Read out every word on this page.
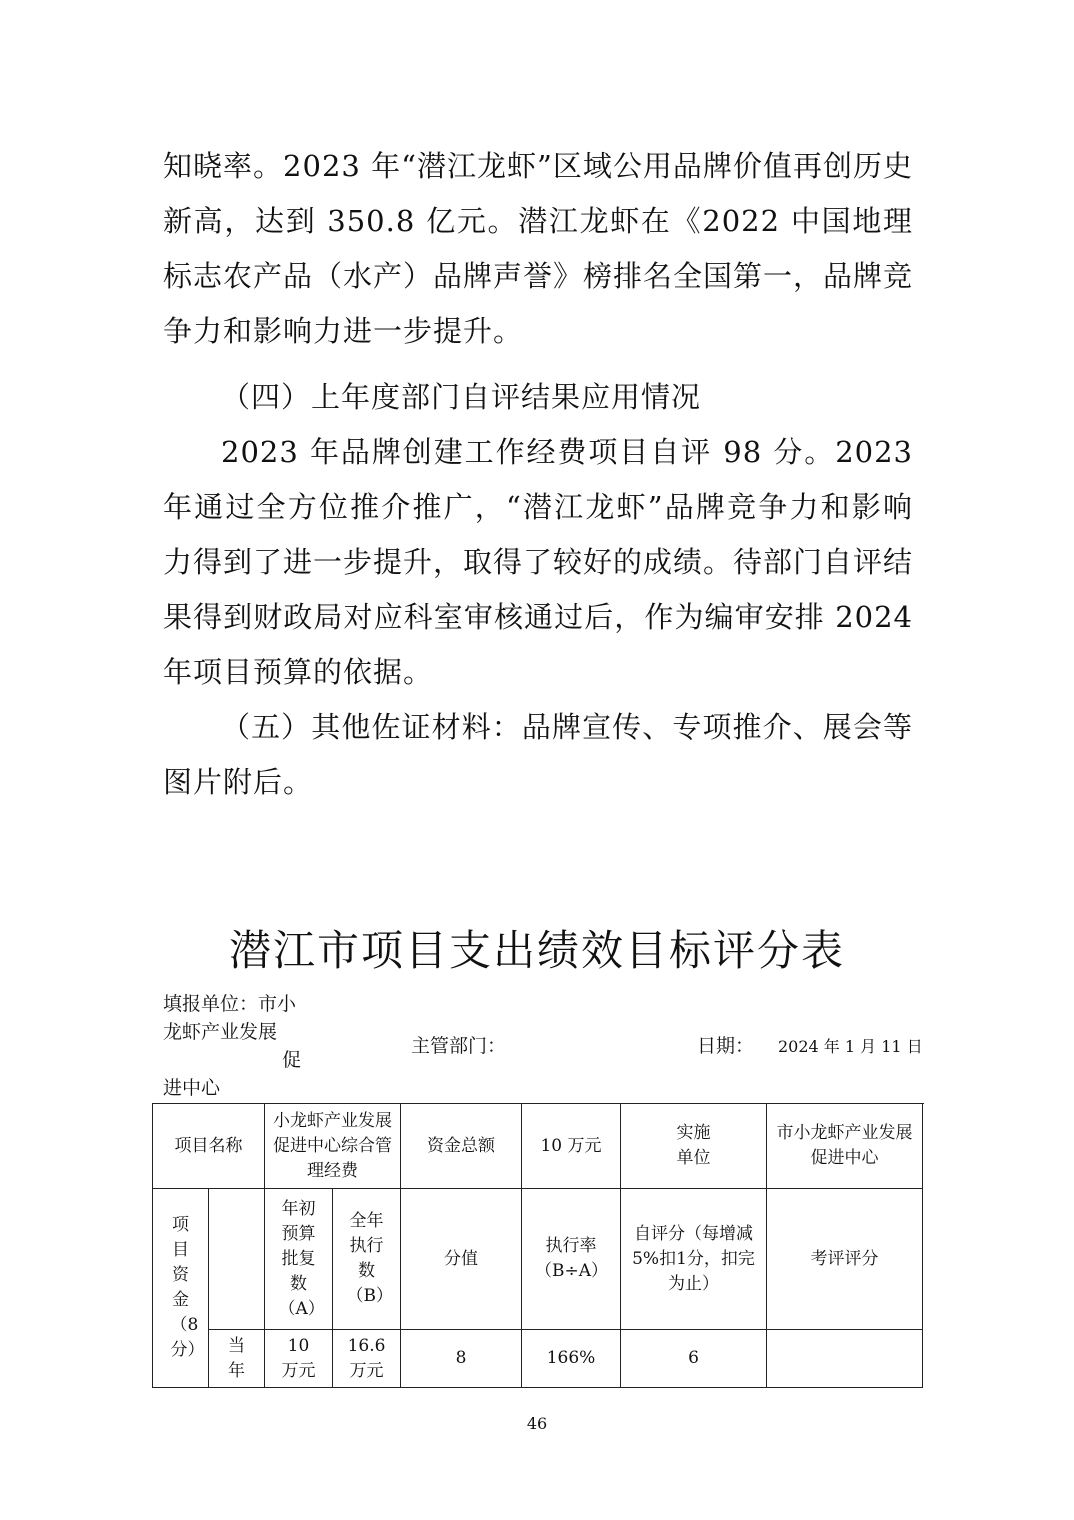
知晓率。2023 年“潜江龙虾”区域公用品牌价值再创历史新高，达到 350.8 亿元。潜江龙虾在《2022 中国地理标志农产品（水产）品牌声誉》榜排名全国第一，品牌竞争力和影响力进一步提升。

（四）上年度部门自评结果应用情况

2023 年品牌创建工作经费项目自评 98 分。2023 年通过全方位推介推广，“潜江龙虾”品牌竞争力和影响力得到了进一步提升，取得了较好的成绩。待部门自评结果得到财政局对应科室审核通过后，作为编审安排 2024 年项目预算的依据。

（五）其他佐证材料：品牌宣传、专项推介、展会等图片附后。

潜江市项目支出绩效目标评分表
填报单位：市小
龙虾产业发展
促
进中心
主管部门：	日期： 2024 年 1 月 11 日
项目名称		小龙虾产业发展促进中心综合管理经费		资金总额	10 万元	实施单位	市小龙虾产业发展促进中心

项目资金（8分）		年初预算批复数（A）	全年执行数（B）	分值	执行率（B÷A）	自评分（每增减5%扣1分，扣完为止）	考评评分

	当年	10 万元	16.6 万元	8	166%	6	
46
